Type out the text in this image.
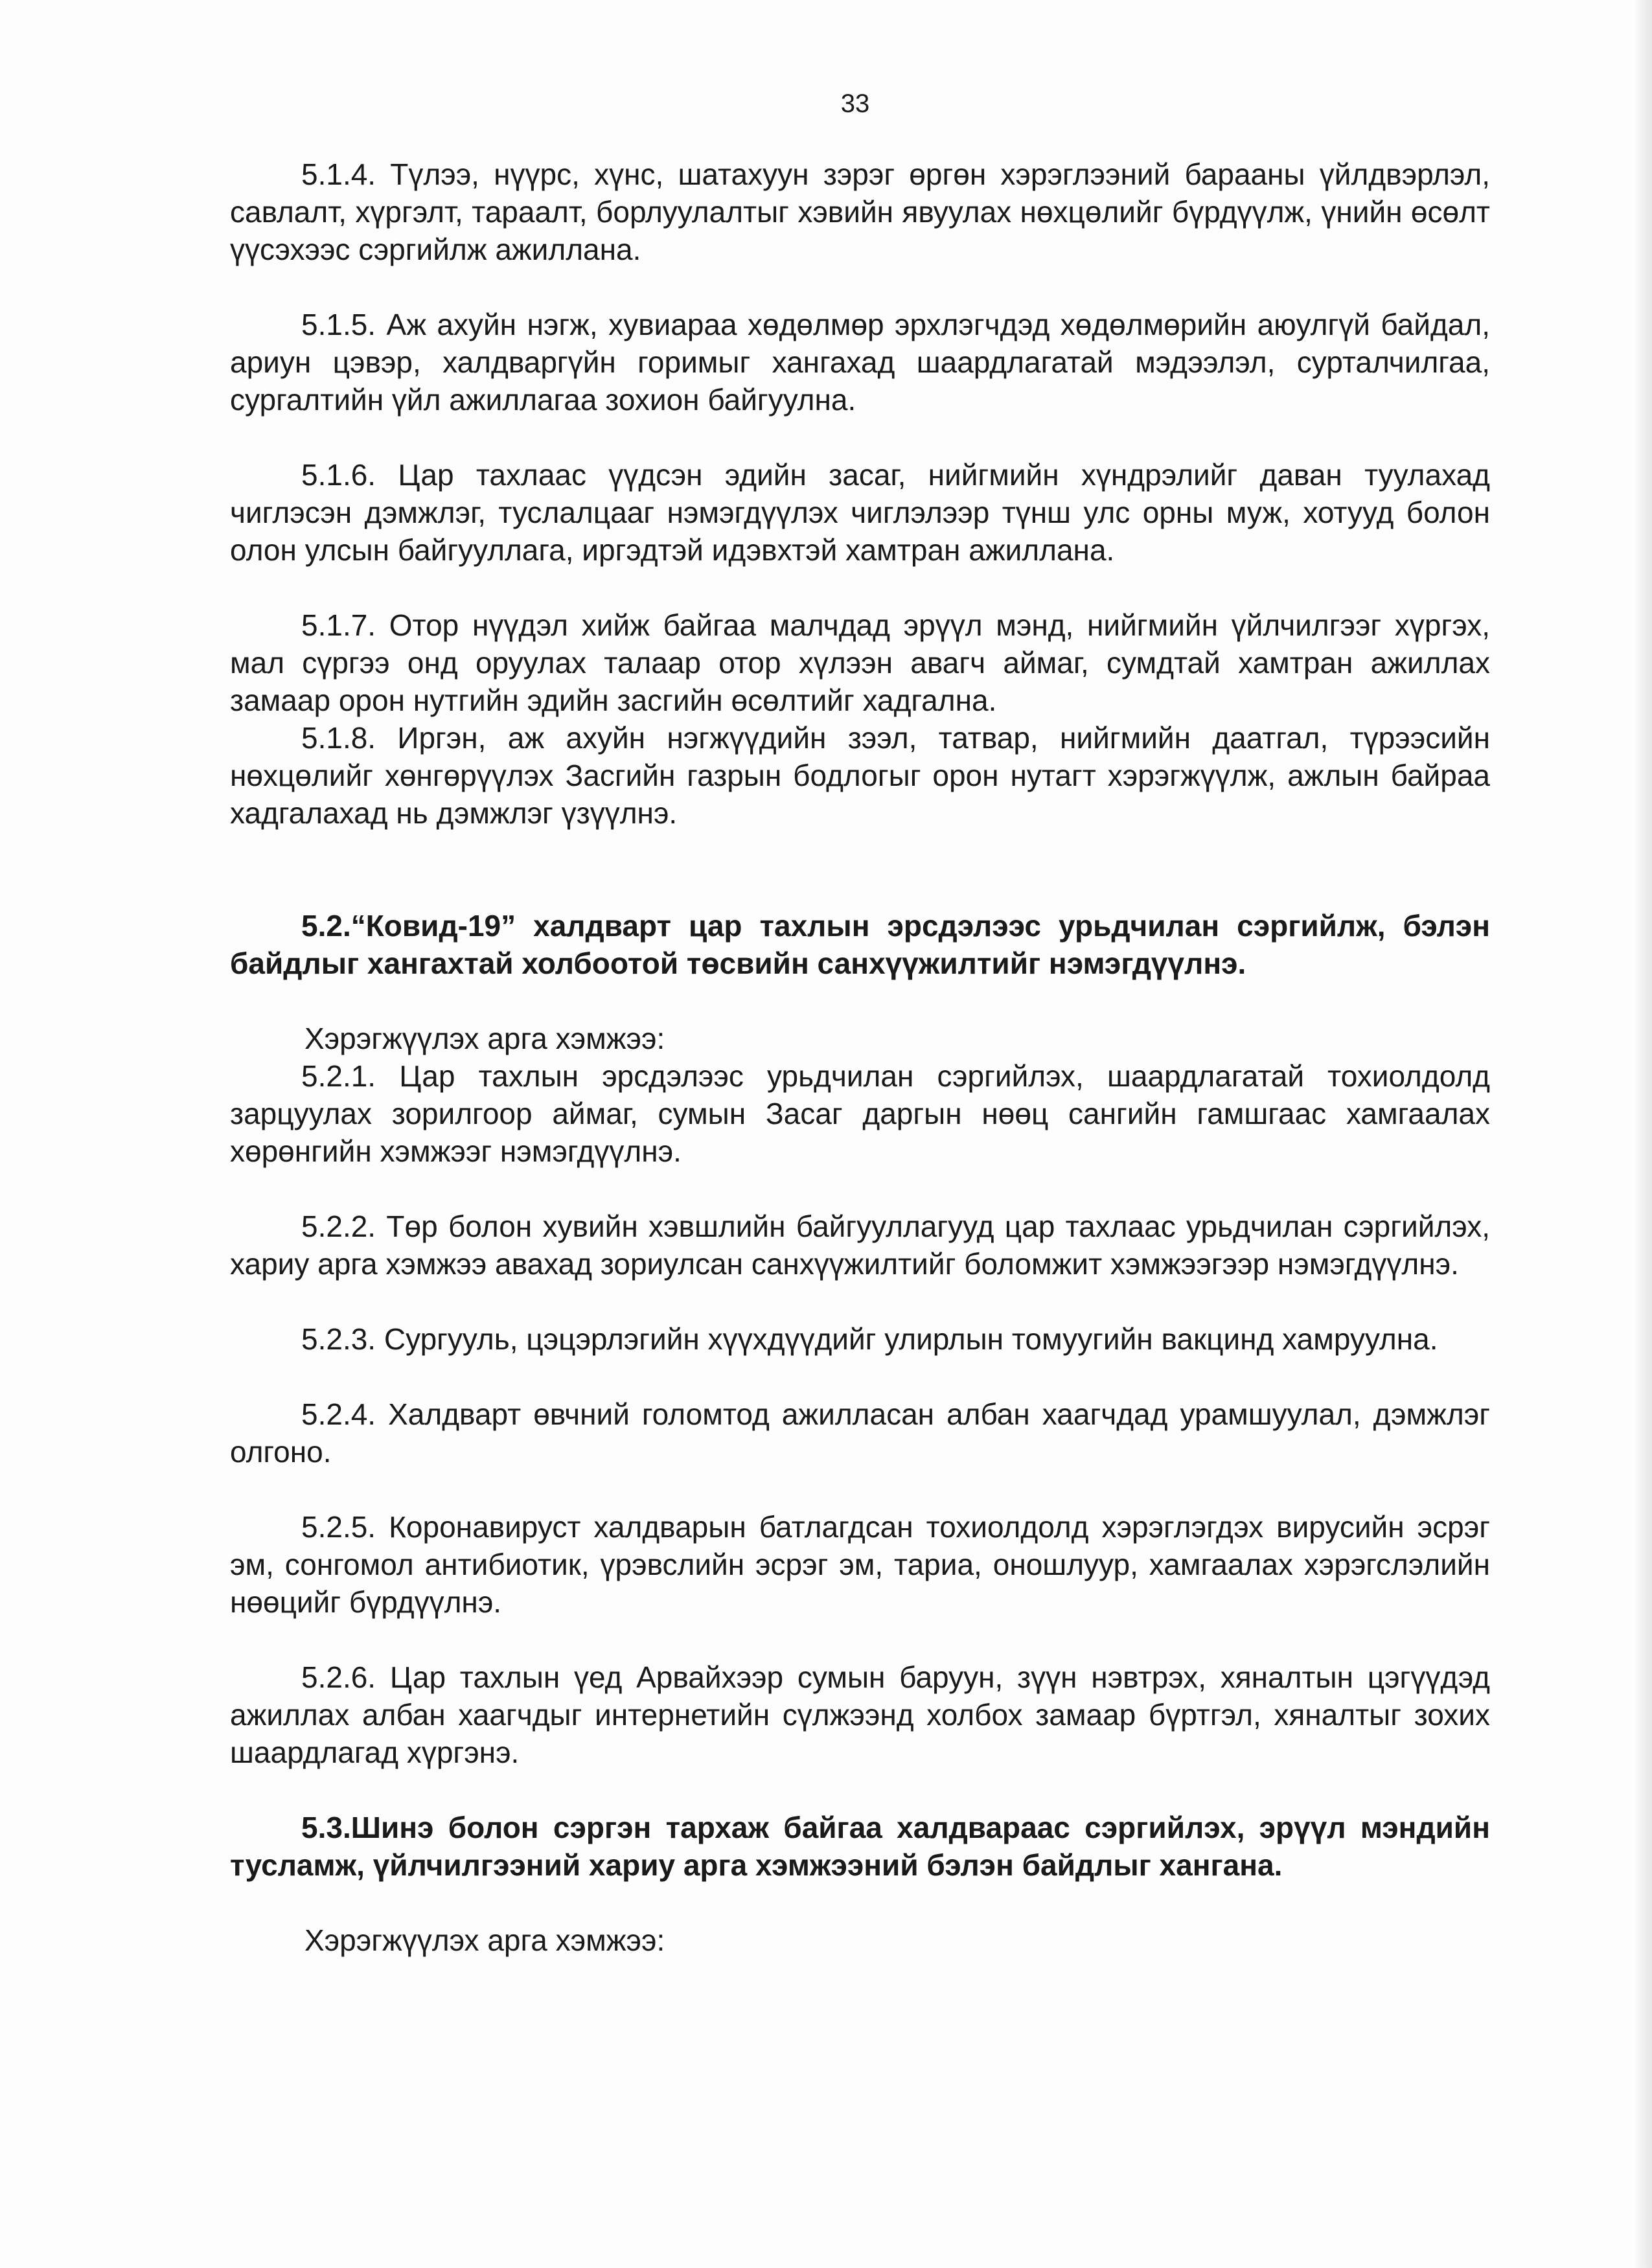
33

5.1.4. Түлээ, нүүрс, хүнс, шатахуун зэрэг өргөн хэрэглээний барааны үйлдвэрлэл, савлалт, хүргэлт, тараалт, борлуулалтыг хэвийн явуулах нөхцөлийг бүрдүүлж, үнийн өсөлт үүсэхээс сэргийлж ажиллана.

5.1.5. Аж ахуйн нэгж, хувиараа хөдөлмөр эрхлэгчдэд хөдөлмөрийн аюулгүй байдал, ариун цэвэр, халдваргүйн горимыг хангахад шаардлагатай мэдээлэл, сурталчилгаа, сургалтийн үйл ажиллагаа зохион байгуулна.

5.1.6. Цар тахлаас үүдсэн эдийн засаг, нийгмийн хүндрэлийг даван туулахад чиглэсэн дэмжлэг, туслалцааг нэмэгдүүлэх чиглэлээр түнш улс орны муж, хотууд болон олон улсын байгууллага, иргэдтэй идэвхтэй хамтран ажиллана.

5.1.7. Отор нүүдэл хийж байгаа малчдад эрүүл мэнд, нийгмийн үйлчилгээг хүргэх, мал сүргээ онд оруулах талаар отор хүлээн авагч аймаг, сумдтай хамтран ажиллах замаар орон нутгийн эдийн засгийн өсөлтийг хадгална.

5.1.8. Иргэн, аж ахуйн нэгжүүдийн зээл, татвар, нийгмийн даатгал, түрээсийн нөхцөлийг хөнгөрүүлэх Засгийн газрын бодлогыг орон нутагт хэрэгжүүлж, ажлын байраа хадгалахад нь дэмжлэг үзүүлнэ.

5.2.“Ковид-19” халдварт цар тахлын эрсдэлээс урьдчилан сэргийлж, бэлэн байдлыг хангахтай холбоотой төсвийн санхүүжилтийг нэмэгдүүлнэ.

Хэрэгжүүлэх арга хэмжээ:

5.2.1. Цар тахлын эрсдэлээс урьдчилан сэргийлэх, шаардлагатай тохиолдолд зарцуулах зорилгоор аймаг, сумын Засаг даргын нөөц сангийн гамшгаас хамгаалах хөрөнгийн хэмжээг нэмэгдүүлнэ.

5.2.2. Төр болон хувийн хэвшлийн байгууллагууд цар тахлаас урьдчилан сэргийлэх, хариу арга хэмжээ авахад зориулсан санхүүжилтийг боломжит хэмжээгээр нэмэгдүүлнэ.

5.2.3. Сургууль, цэцэрлэгийн хүүхдүүдийг улирлын томуугийн вакцинд хамруулна.

5.2.4. Халдварт өвчний голомтод ажилласан албан хаагчдад урамшуулал, дэмжлэг олгоно.

5.2.5. Коронавируст халдварын батлагдсан тохиолдолд хэрэглэгдэх вирусийн эсрэг эм, сонгомол антибиотик, үрэвслийн эсрэг эм, тариа, оношлуур, хамгаалах хэрэгслэлийн нөөцийг бүрдүүлнэ.

5.2.6. Цар тахлын үед Арвайхээр сумын баруун, зүүн нэвтрэх, хяналтын цэгүүдэд ажиллах албан хаагчдыг интернетийн сүлжээнд холбох замаар бүртгэл, хяналтыг зохих шаардлагад хүргэнэ.

5.3.Шинэ болон сэргэн тархаж байгаа халдвараас сэргийлэх, эрүүл мэндийн тусламж, үйлчилгээний хариу арга хэмжээний бэлэн байдлыг хангана.

Хэрэгжүүлэх арга хэмжээ:
